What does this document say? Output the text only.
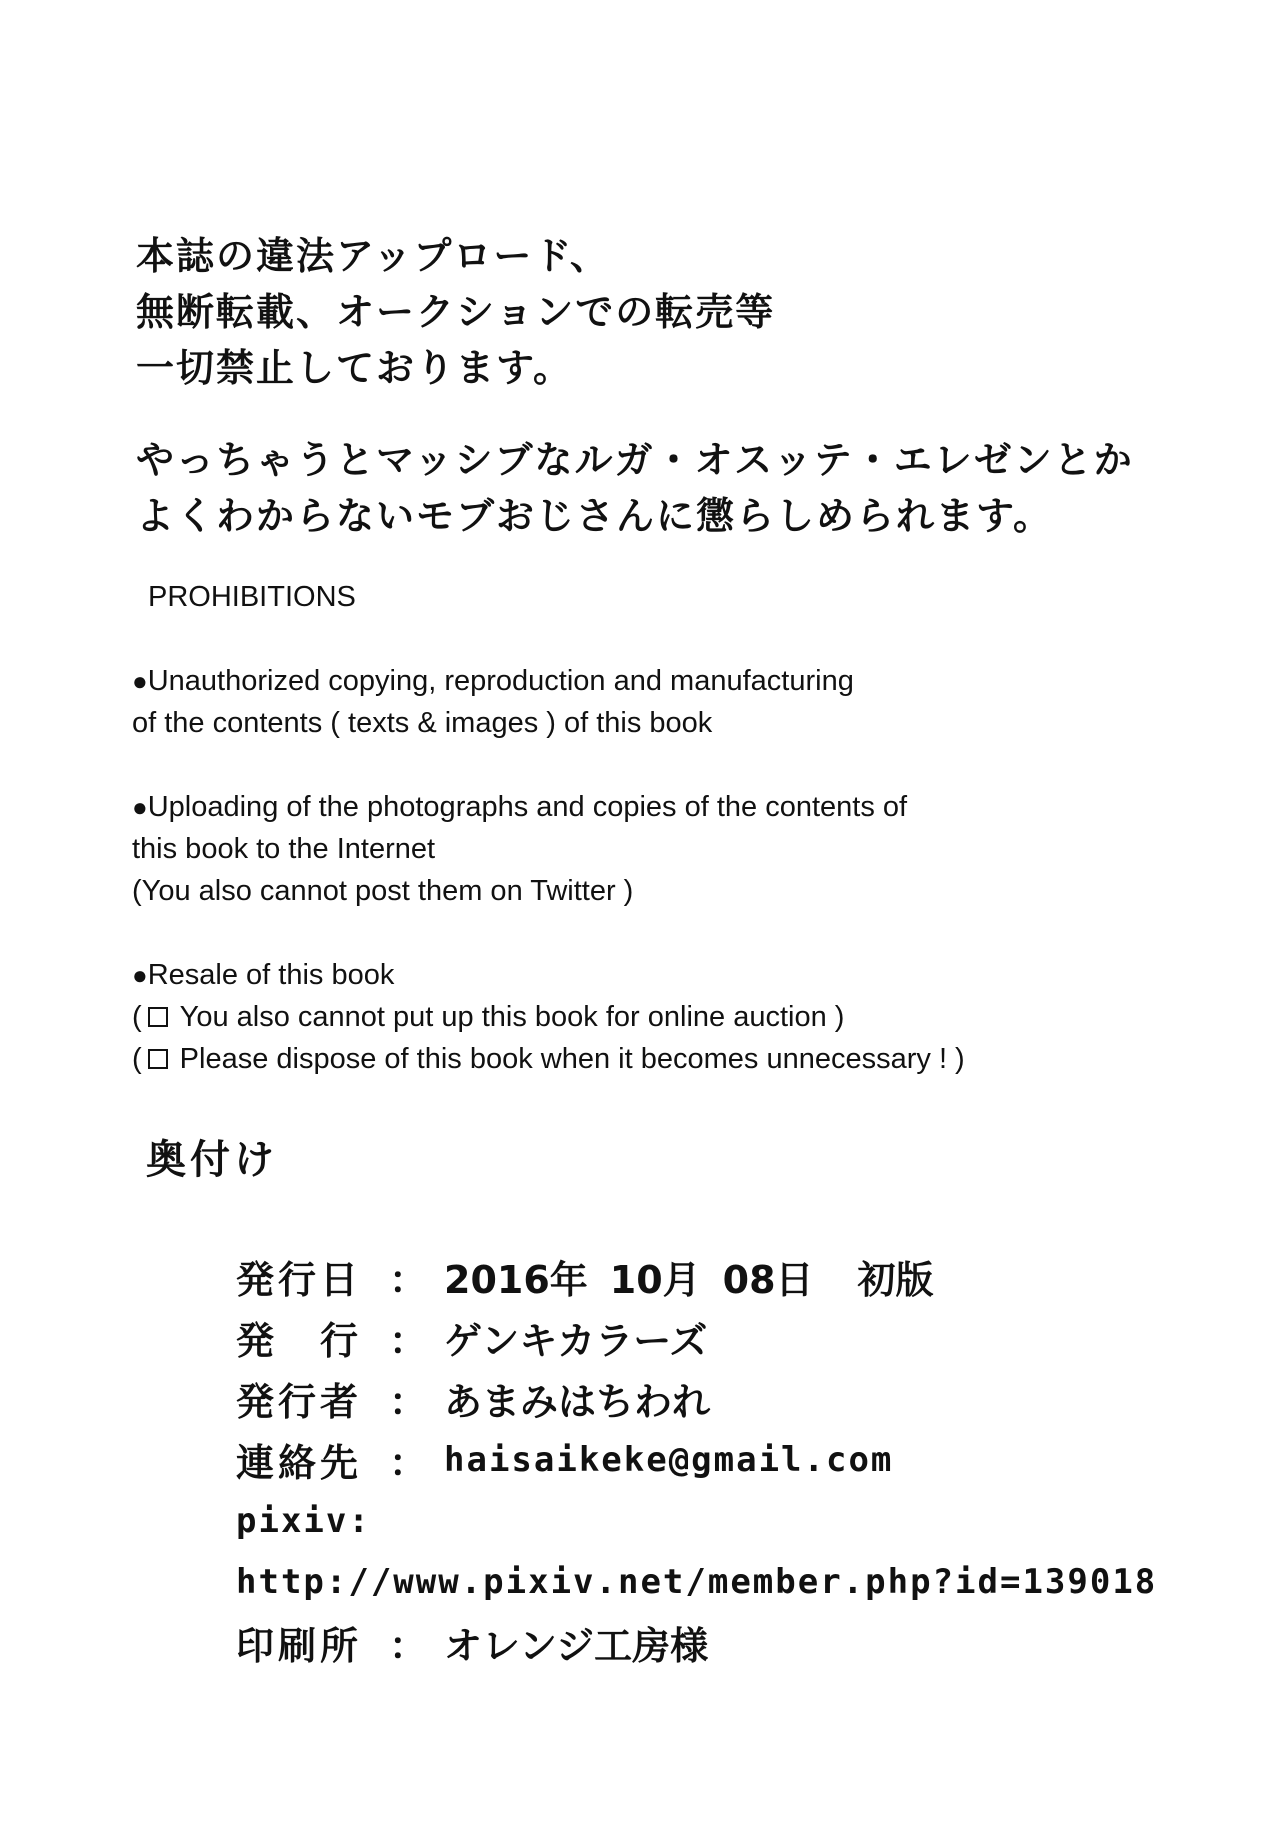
本誌の違法アップロード、
無断転載、オークションでの転売等
一切禁止しております。
やっちゃうとマッシブなルガ・オスッテ・エレゼンとか
よくわからないモブおじさんに懲らしめられます。
PROHIBITIONS
●Unauthorized copying, reproduction and manufacturing
of the contents ( texts & images ) of this book
●Uploading of the photographs and copies of the contents of
this book to the Internet
(You also cannot post them on Twitter )
●Resale of this book
( You also cannot put up this book for online auction )
( Please dispose of this book when it becomes unnecessary ! )
奥付け
発行日 ： 2016年 10月 08日 初版
発　行 ： ゲンキカラーズ
発行者 ： あまみはちわれ
連絡先 ： haisaikeke@gmail.com
pixiv:
http://www.pixiv.net/member.php?id=139018
印刷所 ： オレンジ工房様
